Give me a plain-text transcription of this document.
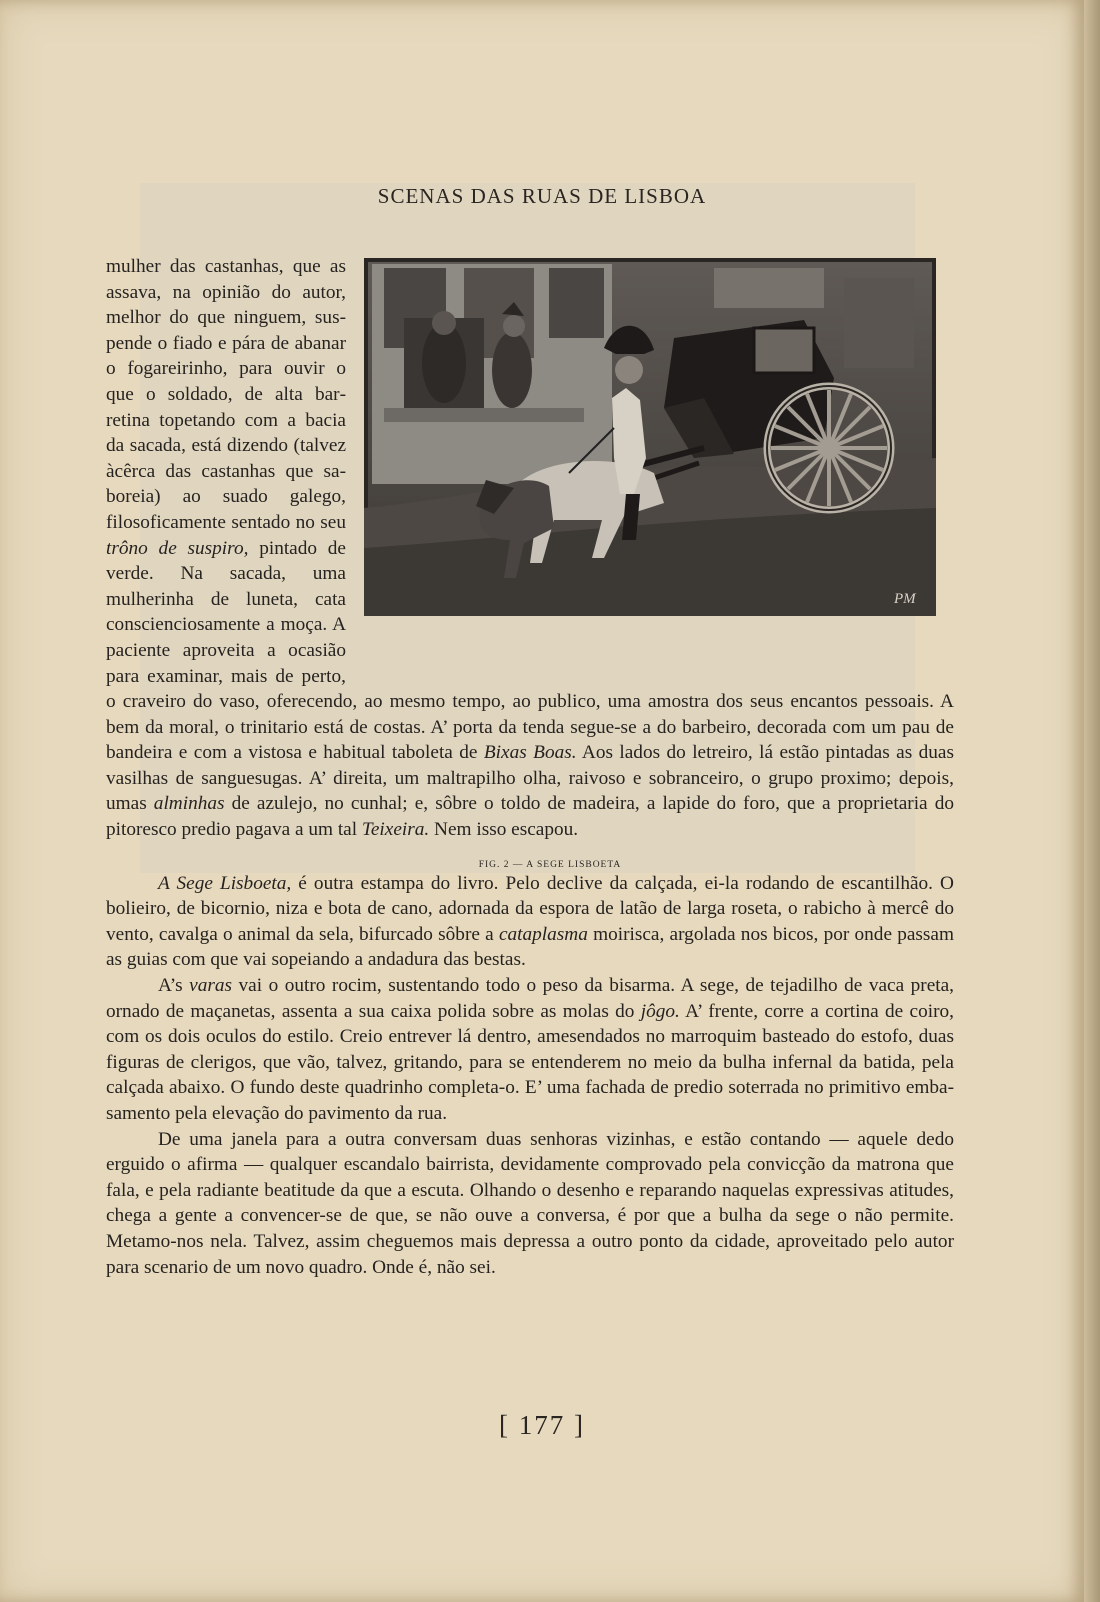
SCENAS DAS RUAS DE LISBOA

PM
mulher das castanhas, que as assava, na opinião do autor, melhor do que ninguem, suspende o fiado e pára de abanar o fogareirinho, para ouvir o que o soldado, de alta barretina topetando com a bacia da sacada, está dizendo (talvez àcêrca das castanhas que saboreia) ao suado galego, filosoficamente sentado no seu trôno de suspiro, pintado de verde. Na sacada, uma mulherinha de luneta, cata conscienciosamente a moça. A paciente aproveita a ocasião para examinar, mais de perto, o craveiro do vaso, oferecendo, ao mesmo tempo, ao publico, uma amostra dos seus encantos pessoais. A bem da moral, o trinitario está de costas. A’ porta da tenda segue-se a do barbeiro, decorada com um pau de bandeira e com a vistosa e habitual taboleta de Bixas Boas. Aos lados do letreiro, lá estão pintadas as duas vasilhas de sanguesugas. A’ direita, um maltrapilho olha, raivoso e sobranceiro, o grupo proximo; depois, umas alminhas de azulejo, no cunhal; e, sôbre o toldo de madeira, a lapide do foro, que a proprietaria do pitoresco predio pagava a um tal Teixeira. Nem isso escapou.

FIG. 2 — A SEGE LISBOETA

A Sege Lisboeta, é outra estampa do livro. Pelo declive da calçada, ei-la rodando de escantilhão. O bolieiro, de bicornio, niza e bota de cano, adornada da espora de latão de larga roseta, o rabicho à mercê do vento, cavalga o animal da sela, bifurcado sôbre a cataplasma moirisca, argolada nos bicos, por onde passam as guias com que vai sopeiando a andadura das bestas.

A’s varas vai o outro rocim, sustentando todo o peso da bisarma. A sege, de tejadilho de vaca preta, ornado de maçanetas, assenta a sua caixa polida sobre as molas do jôgo. A’ frente, corre a cortina de coiro, com os dois oculos do estilo. Creio entrever lá dentro, amesendados no marroquim basteado do estofo, duas figuras de clerigos, que vão, talvez, gritando, para se entenderem no meio da bulha infernal da batida, pela calçada abaixo. O fundo deste quadrinho completa-o. E’ uma fachada de predio soterrada no primitivo embasamento pela elevação do pavimento da rua.

De uma janela para a outra conversam duas senhoras vizinhas, e estão contando — aquele dedo erguido o afirma — qualquer escandalo bairrista, devidamente comprovado pela convicção da matrona que fala, e pela radiante beatitude da que a escuta. Olhando o desenho e reparando naquelas expressivas atitudes, chega a gente a convencer-se de que, se não ouve a conversa, é por que a bulha da sege o não permite. Metamo-nos nela. Talvez, assim cheguemos mais depressa a outro ponto da cidade, aproveitado pelo autor para scenario de um novo quadro. Onde é, não sei.

[ 177 ]
